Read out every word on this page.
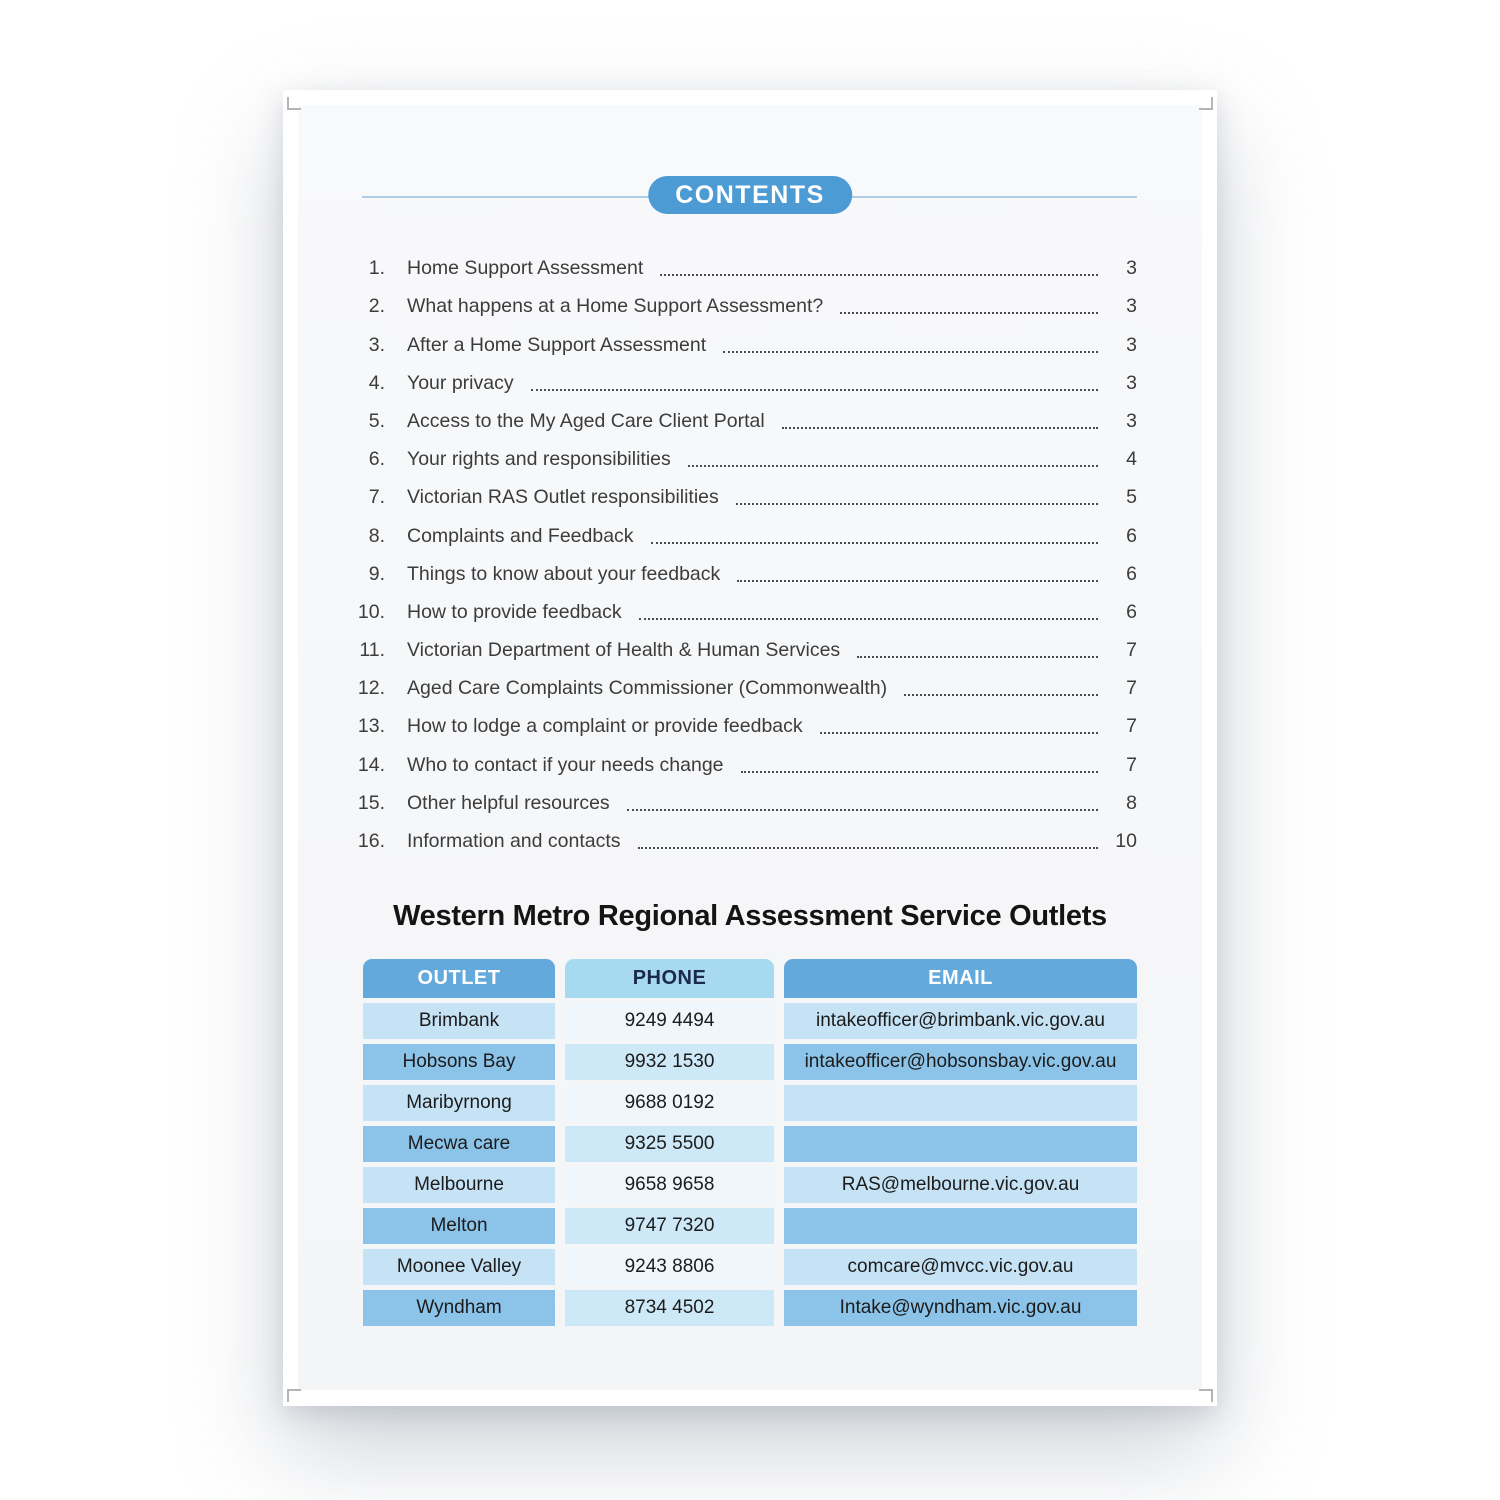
CONTENTS
1. Home Support Assessment	3
2. What happens at a Home Support Assessment?	3
3. After a Home Support Assessment	3
4. Your privacy	3
5. Access to the My Aged Care Client Portal	3
6. Your rights and responsibilities	4
7. Victorian RAS Outlet responsibilities	5
8. Complaints and Feedback	6
9. Things to know about your feedback	6
10. How to provide feedback	6
11. Victorian Department of Health & Human Services	7
12. Aged Care Complaints Commissioner (Commonwealth)	7
13. How to lodge a complaint or provide feedback	7
14. Who to contact if your needs change	7
15. Other helpful resources	8
16. Information and contacts	10
Western Metro Regional Assessment Service Outlets
OUTLET	PHONE	EMAIL
Brimbank	9249 4494	intakeofficer@brimbank.vic.gov.au
Hobsons Bay	9932 1530	intakeofficer@hobsonsbay.vic.gov.au
Maribyrnong	9688 0192
Mecwa care	9325 5500
Melbourne	9658 9658	RAS@melbourne.vic.gov.au
Melton	9747 7320
Moonee Valley	9243 8806	comcare@mvcc.vic.gov.au
Wyndham	8734 4502	Intake@wyndham.vic.gov.au
